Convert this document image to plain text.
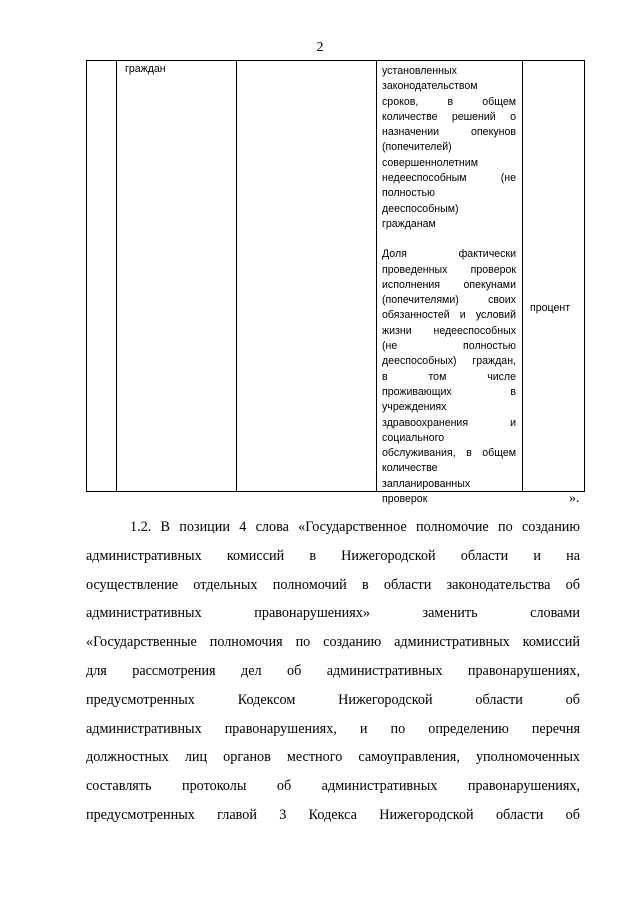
2
граждан	установленных
законодательством
сроков, в общем
количестве решений о
назначении опекунов
(попечителей)
совершеннолетним
недееспособным (не
полностью
дееспособным)
гражданам
Доля фактически
проведенных проверок
исполнения опекунами
(попечителями) своих
обязанностей и условий
жизни недееспособных
(не полностью
дееспособных) граждан,
в том числе
проживающих в
учреждениях
здравоохранения и
социального
обслуживания, в общем
количестве
запланированных
проверок
процент
».
1.2. В позиции 4 слова «Государственное полномочие по созданию
административных комиссий в Нижегородской области и на
осуществление отдельных полномочий в области законодательства об
административных правонарушениях» заменить словами
«Государственные полномочия по созданию административных комиссий
для рассмотрения дел об административных правонарушениях,
предусмотренных Кодексом Нижегородской области об
административных правонарушениях, и по определению перечня
должностных лиц органов местного самоуправления, уполномоченных
составлять протоколы об административных правонарушениях,
предусмотренных главой 3 Кодекса Нижегородской области об
